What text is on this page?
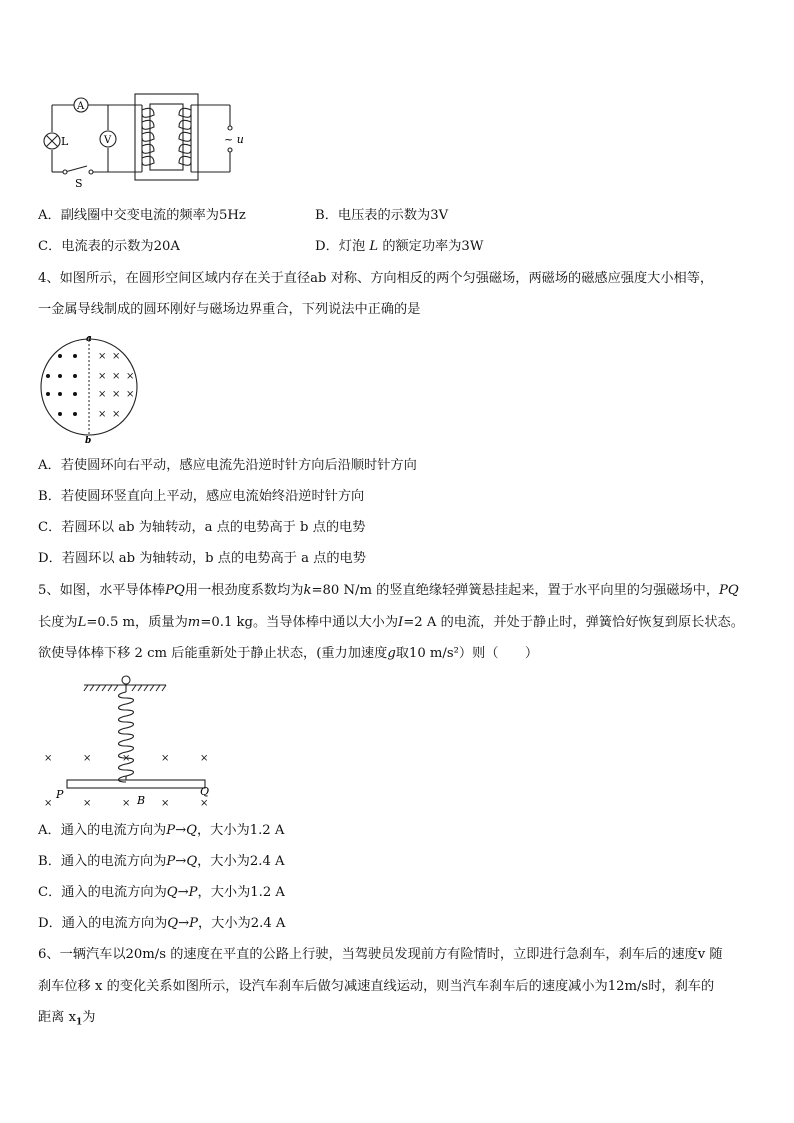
A
V
L
S
~ u
A．副线圈中交变电流的频率为5Hz	B．电压表的示数为3V
C．电流表的示数为20A	D．灯泡 L 的额定功率为3W
4、如图所示，在圆形空间区域内存在关于直径ab 对称、方向相反的两个匀强磁场，两磁场的磁感应强度大小相等，
一金属导线制成的圆环刚好与磁场边界重合，下列说法中正确的是
× ×
× × ×
× × ×
× ×
a
b
A．若使圆环向右平动，感应电流先沿逆时针方向后沿顺时针方向
B．若使圆环竖直向上平动，感应电流始终沿逆时针方向
C．若圆环以 ab 为轴转动，a 点的电势高于 b 点的电势
D．若圆环以 ab 为轴转动，b 点的电势高于 a 点的电势
5、如图，水平导体棒PQ用一根劲度系数均为k=80 N/m 的竖直绝缘轻弹簧悬挂起来，置于水平向里的匀强磁场中，PQ
长度为L=0.5 m，质量为m=0.1 kg。当导体棒中通以大小为I=2 A 的电流，并处于静止时，弹簧恰好恢复到原长状态。
欲使导体棒下移 2 cm 后能重新处于静止状态，(重力加速度g取10 m/s²）则（　　）
×	×	×	×	×
×	×	×	×	×
P	Q
B
A．通入的电流方向为P→Q，大小为1.2 A
B．通入的电流方向为P→Q，大小为2.4 A
C．通入的电流方向为Q→P，大小为1.2 A
D．通入的电流方向为Q→P，大小为2.4 A
6、一辆汽车以20m/s 的速度在平直的公路上行驶，当驾驶员发现前方有险情时，立即进行急刹车，刹车后的速度v 随
刹车位移 x 的变化关系如图所示，设汽车刹车后做匀减速直线运动，则当汽车刹车后的速度减小为12m/s时，刹车的
距离 $x_1$为
